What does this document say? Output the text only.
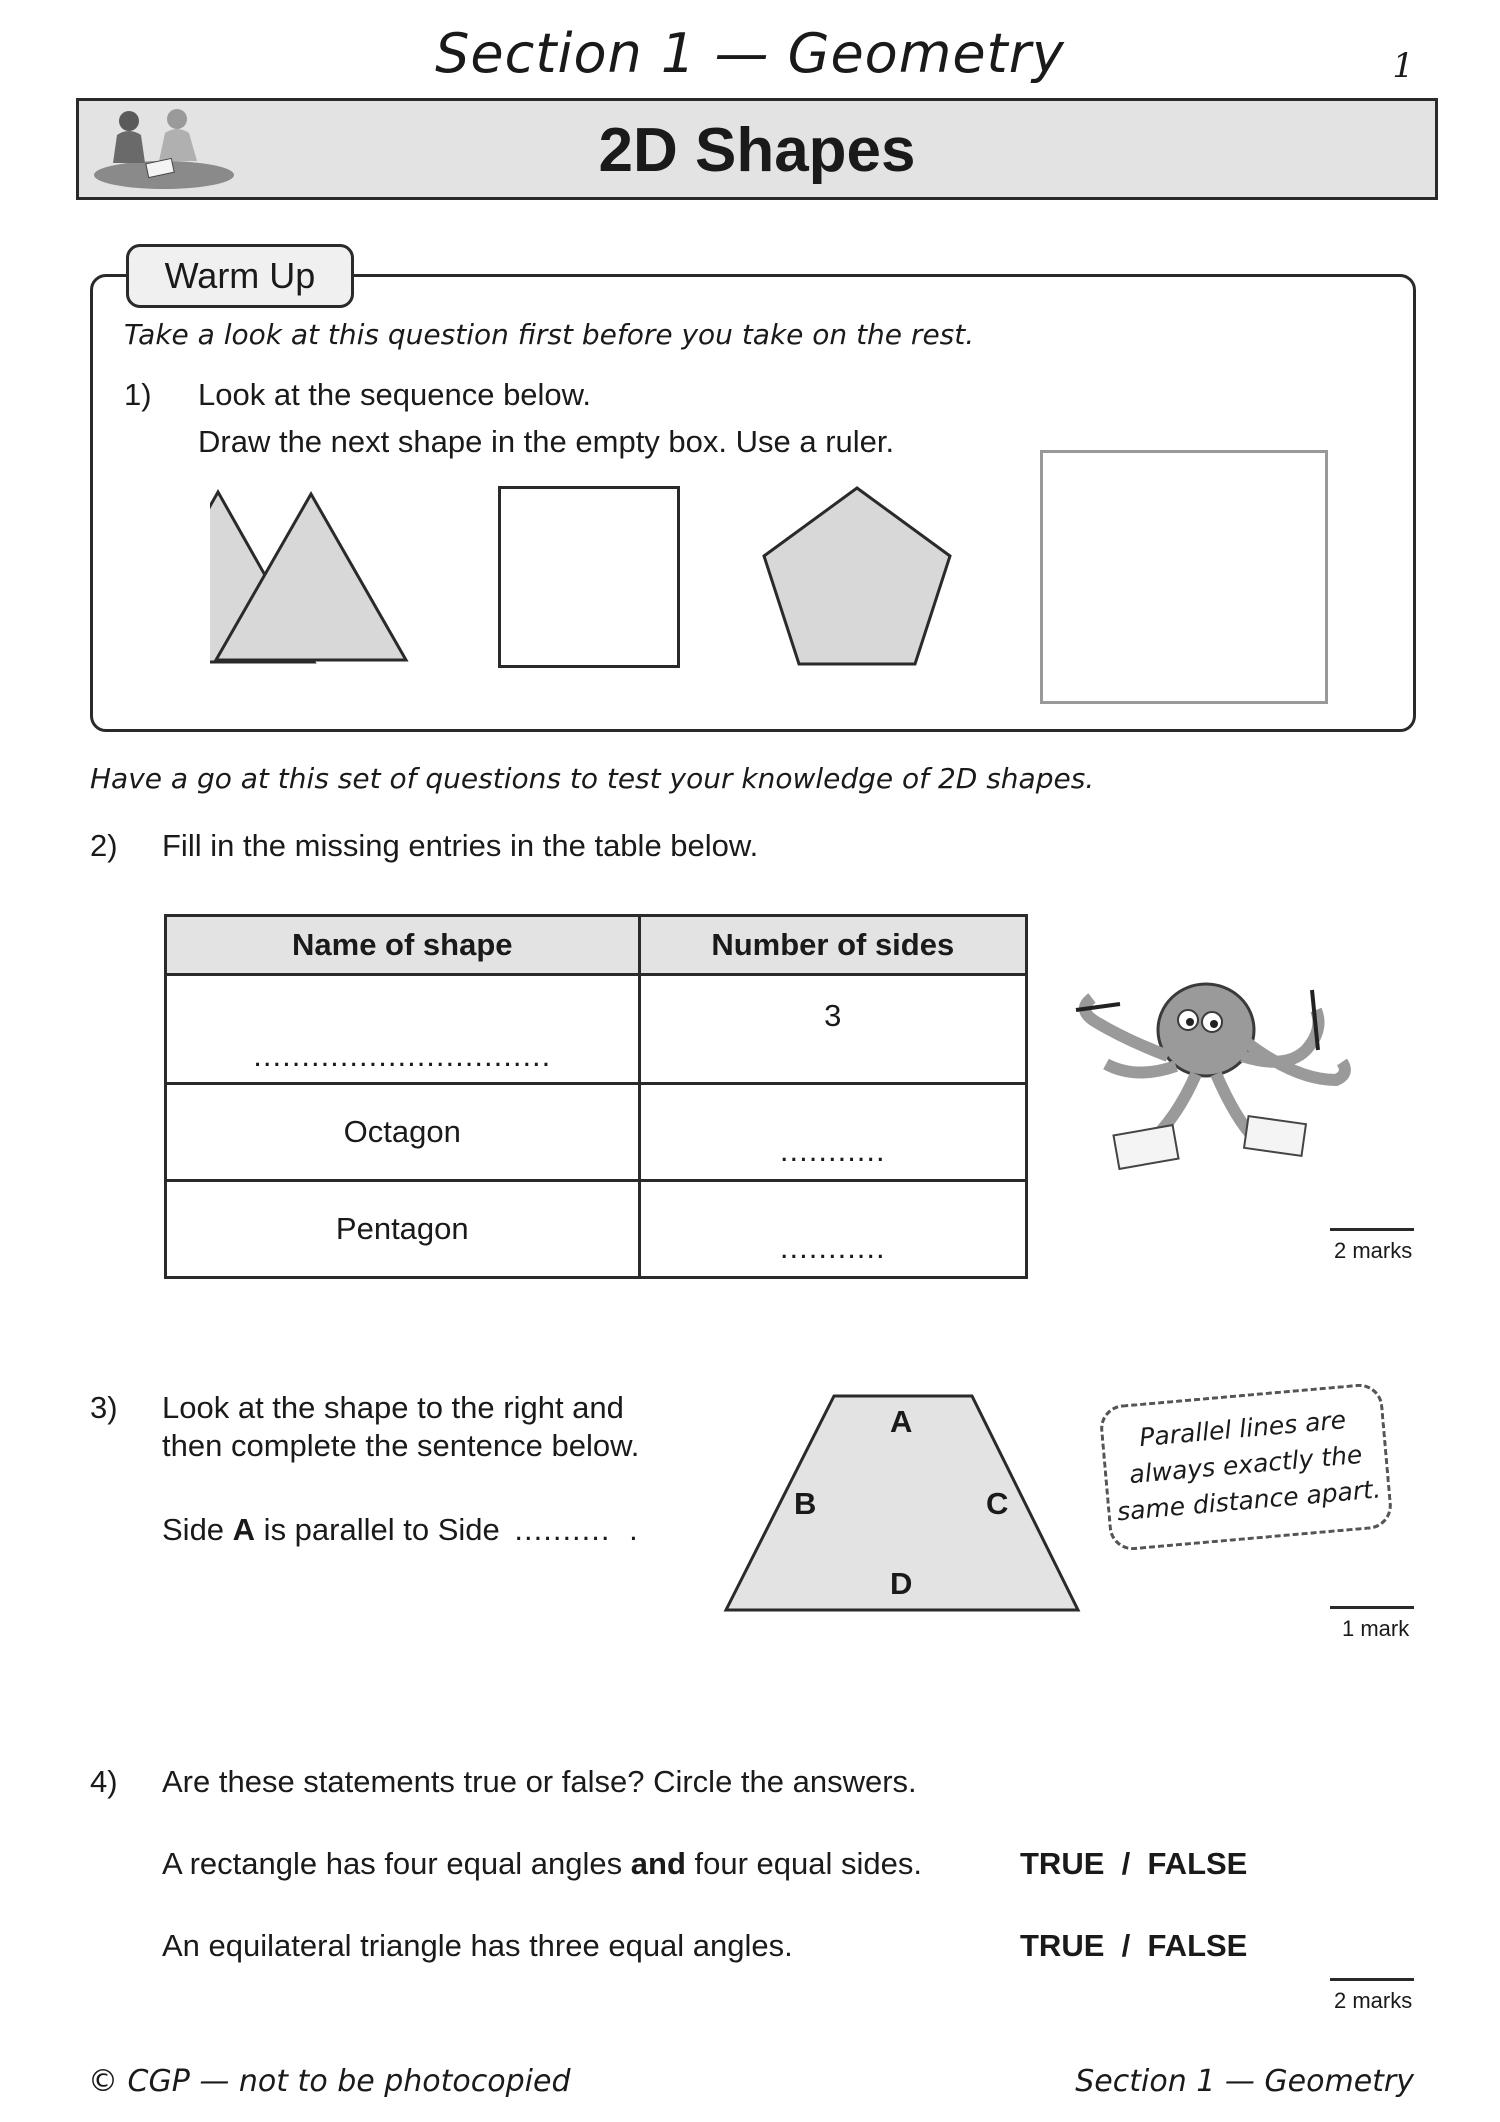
Section 1 — Geometry	1
2D Shapes
Warm Up
Take a look at this question first before you take on the rest.
1) Look at the sequence below.
Draw the next shape in the empty box. Use a ruler.
Have a go at this set of questions to test your knowledge of 2D shapes.
2) Fill in the missing entries in the table below.
Name of shape	Number of sides
...............................	3
Octagon	...........
Pentagon	...........	2 marks
3) Look at the shape to the right and
then complete the sentence below.
Side A is parallel to Side .......... .
A
B	C
D
Parallel lines are
always exactly the
same distance apart.
1 mark
4) Are these statements true or false? Circle the answers.
A rectangle has four equal angles and four equal sides.	TRUE  /  FALSE
An equilateral triangle has three equal angles.	TRUE  /  FALSE
2 marks
© CGP — not to be photocopied	Section 1 — Geometry
